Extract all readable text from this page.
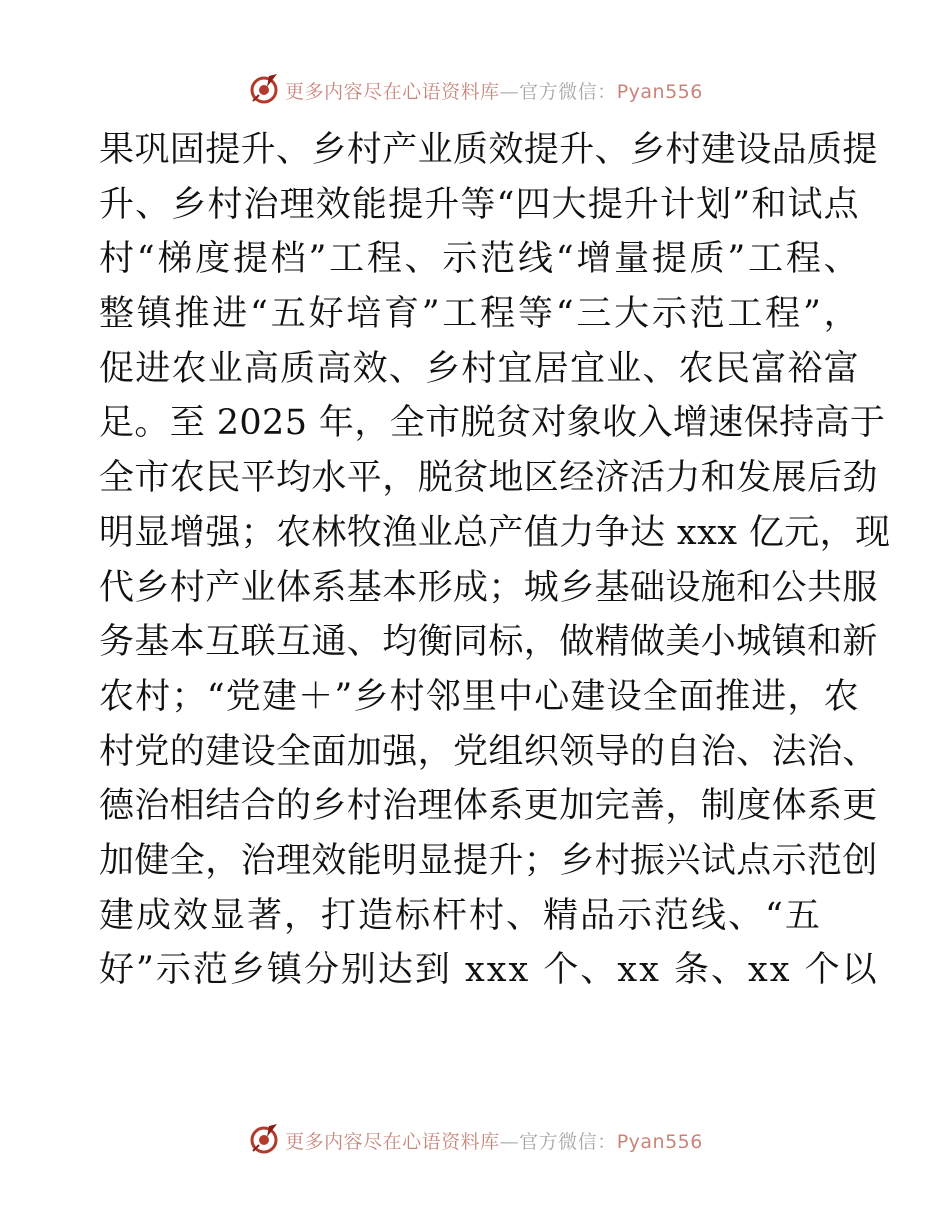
更多内容尽在心语资料库—官方微信：Pyan556
果巩固提升、乡村产业质效提升、乡村建设品质提
升、乡村治理效能提升等“四大提升计划”和试点
村“梯度提档”工程、示范线“增量提质”工程、
整镇推进“五好培育”工程等“三大示范工程”，
促进农业高质高效、乡村宜居宜业、农民富裕富
足。至 2025 年，全市脱贫对象收入增速保持高于
全市农民平均水平，脱贫地区经济活力和发展后劲
明显增强；农林牧渔业总产值力争达 xxx 亿元，现
代乡村产业体系基本形成；城乡基础设施和公共服
务基本互联互通、均衡同标，做精做美小城镇和新
农村；“党建＋”乡村邻里中心建设全面推进，农
村党的建设全面加强，党组织领导的自治、法治、
德治相结合的乡村治理体系更加完善，制度体系更
加健全，治理效能明显提升；乡村振兴试点示范创
建成效显著，打造标杆村、精品示范线、“五
好”示范乡镇分别达到 xxx 个、xx 条、xx 个以
更多内容尽在心语资料库—官方微信：Pyan556
